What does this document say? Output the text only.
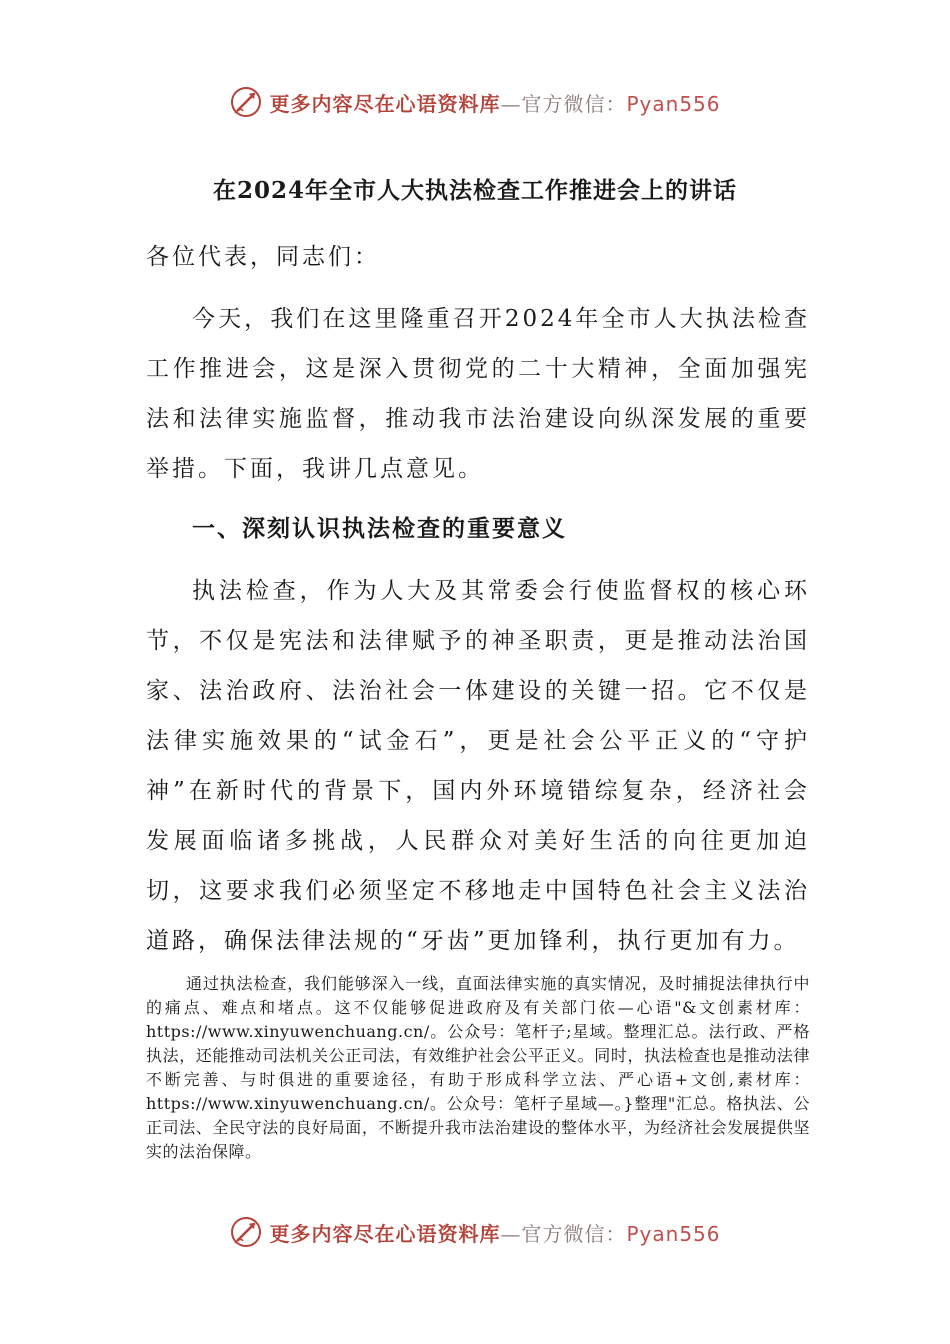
更多内容尽在心语资料库—官方微信：Pyan556
在2024年全市人大执法检查工作推进会上的讲话

各位代表，同志们：

今天，我们在这里隆重召开2024年全市人大执法检查工作推进会，这是深入贯彻党的二十大精神，全面加强宪法和法律实施监督，推动我市法治建设向纵深发展的重要举措。下面，我讲几点意见。

一、深刻认识执法检查的重要意义

执法检查，作为人大及其常委会行使监督权的核心环节，不仅是宪法和法律赋予的神圣职责，更是推动法治国家、法治政府、法治社会一体建设的关键一招。它不仅是法律实施效果的“试金石”，更是社会公平正义的“守护神”在新时代的背景下，国内外环境错综复杂，经济社会发展面临诸多挑战，人民群众对美好生活的向往更加迫切，这要求我们必须坚定不移地走中国特色社会主义法治道路，确保法律法规的“牙齿”更加锋利，执行更加有力。

通过执法检查，我们能够深入一线，直面法律实施的真实情况，及时捕捉法律执行中的痛点、难点和堵点。这不仅能够促进政府及有关部门依—心语"&文创素材库：https://www.xinyuwenchuang.cn/。公众号：笔杆子;星域。整理汇总。法行政、严格执法，还能推动司法机关公正司法，有效维护社会公平正义。同时，执法检查也是推动法律不断完善、与时俱进的重要途径，有助于形成科学立法、严心语+文创,素材库：https://www.xinyuwenchuang.cn/。公众号：笔杆子星域—。}整理"汇总。格执法、公正司法、全民守法的良好局面，不断提升我市法治建设的整体水平，为经济社会发展提供坚实的法治保障。

更多内容尽在心语资料库—官方微信：Pyan556
